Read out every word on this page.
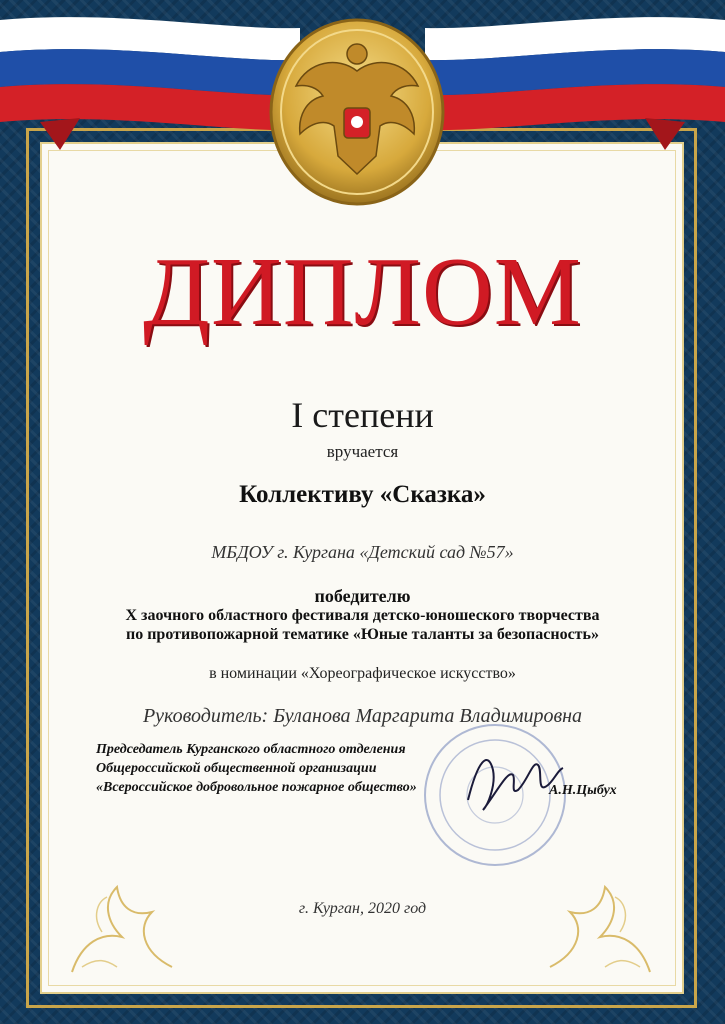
ДИПЛОМ
I степени
вручается
Коллективу «Сказка»
МБДОУ г. Кургана «Детский сад №57»
победителю
X заочного областного фестиваля детско-юношеского творчества
по противопожарной тематике «Юные таланты за безопасность»
в номинации «Хореографическое искусство»
Руководитель: Буланова Маргарита Владимировна
Председатель Курганского областного отделения
Общероссийской общественной организации
«Всероссийское добровольное пожарное общество»	А.Н.Цыбух
г. Курган, 2020 год
